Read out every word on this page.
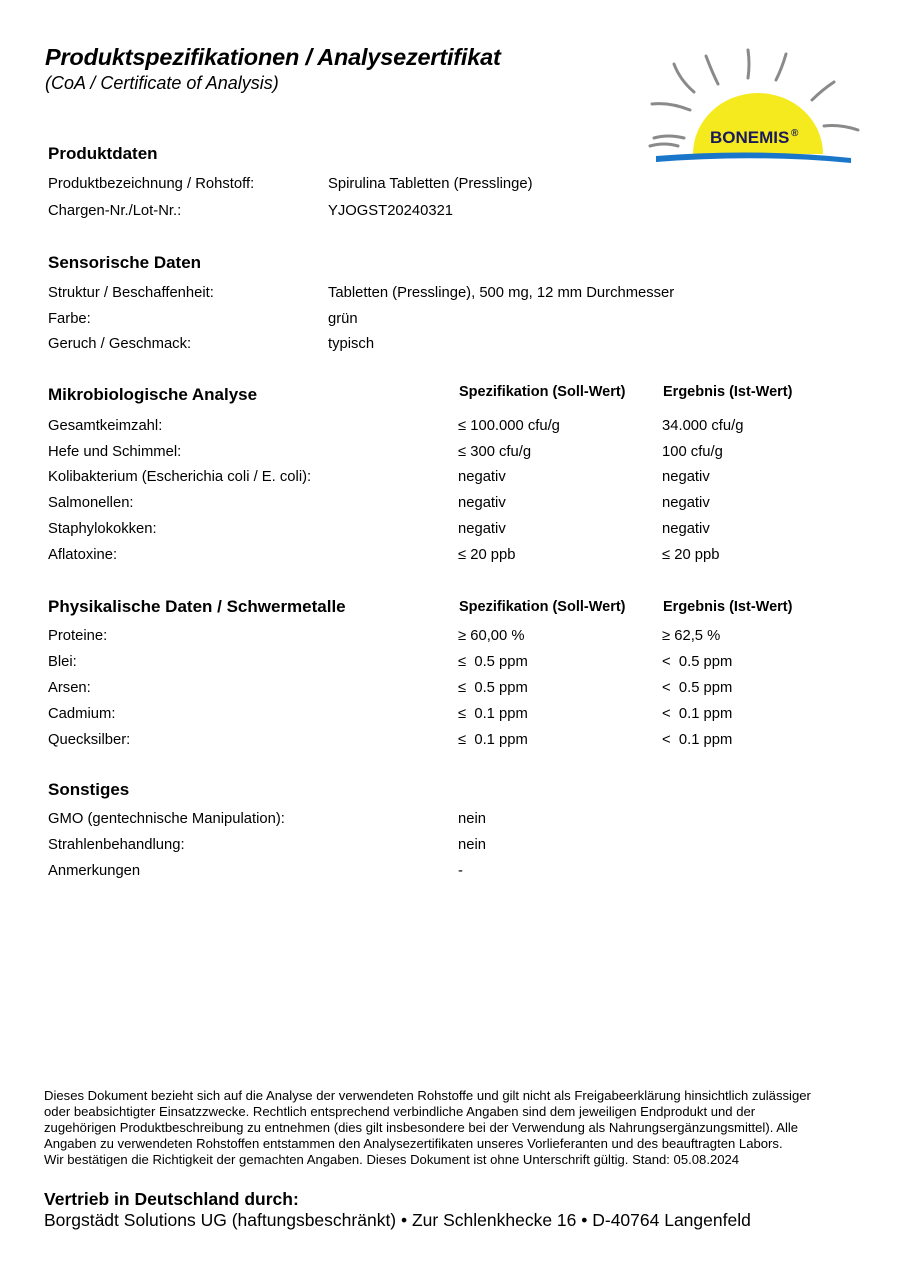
Produktspezifikationen / Analysezertifikat
(CoA / Certificate of Analysis)
BONEMIS ®
Produktdaten
Produktbezeichnung / Rohstoff:	Spirulina Tabletten (Presslinge)
Chargen-Nr./Lot-Nr.:	YJOGST20240321
Sensorische Daten
Struktur / Beschaffenheit:	Tabletten (Presslinge), 500 mg, 12 mm Durchmesser
Farbe:	grün
Geruch / Geschmack:	typisch
Mikrobiologische Analyse	Spezifikation (Soll-Wert)	Ergebnis (Ist-Wert)
Gesamtkeimzahl:	≤ 100.000 cfu/g	34.000 cfu/g
Hefe und Schimmel:	≤ 300 cfu/g	100 cfu/g
Kolibakterium (Escherichia coli / E. coli):	negativ	negativ
Salmonellen:	negativ	negativ
Staphylokokken:	negativ	negativ
Aflatoxine:	≤ 20 ppb	≤ 20 ppb
Physikalische Daten / Schwermetalle	Spezifikation (Soll-Wert)	Ergebnis (Ist-Wert)
Proteine:	≥ 60,00 %	≥ 62,5 %
Blei:	≤  0.5 ppm	<  0.5 ppm
Arsen:	≤  0.5 ppm	<  0.5 ppm
Cadmium:	≤  0.1 ppm	<  0.1 ppm
Quecksilber:	≤  0.1 ppm	<  0.1 ppm
Sonstiges
GMO (gentechnische Manipulation):	nein
Strahlenbehandlung:	nein
Anmerkungen	-
Dieses Dokument bezieht sich auf die Analyse der verwendeten Rohstoffe und gilt nicht als Freigabeerklärung hinsichtlich zulässiger
oder beabsichtigter Einsatzzwecke. Rechtlich entsprechend verbindliche Angaben sind dem jeweiligen Endprodukt und der
zugehörigen Produktbeschreibung zu entnehmen (dies gilt insbesondere bei der Verwendung als Nahrungsergänzungsmittel). Alle
Angaben zu verwendeten Rohstoffen entstammen den Analysezertifikaten unseres Vorlieferanten und des beauftragten Labors.
Wir bestätigen die Richtigkeit der gemachten Angaben. Dieses Dokument ist ohne Unterschrift gültig. Stand: 05.08.2024
Vertrieb in Deutschland durch:
Borgstädt Solutions UG (haftungsbeschränkt) • Zur Schlenkhecke 16 • D-40764 Langenfeld
